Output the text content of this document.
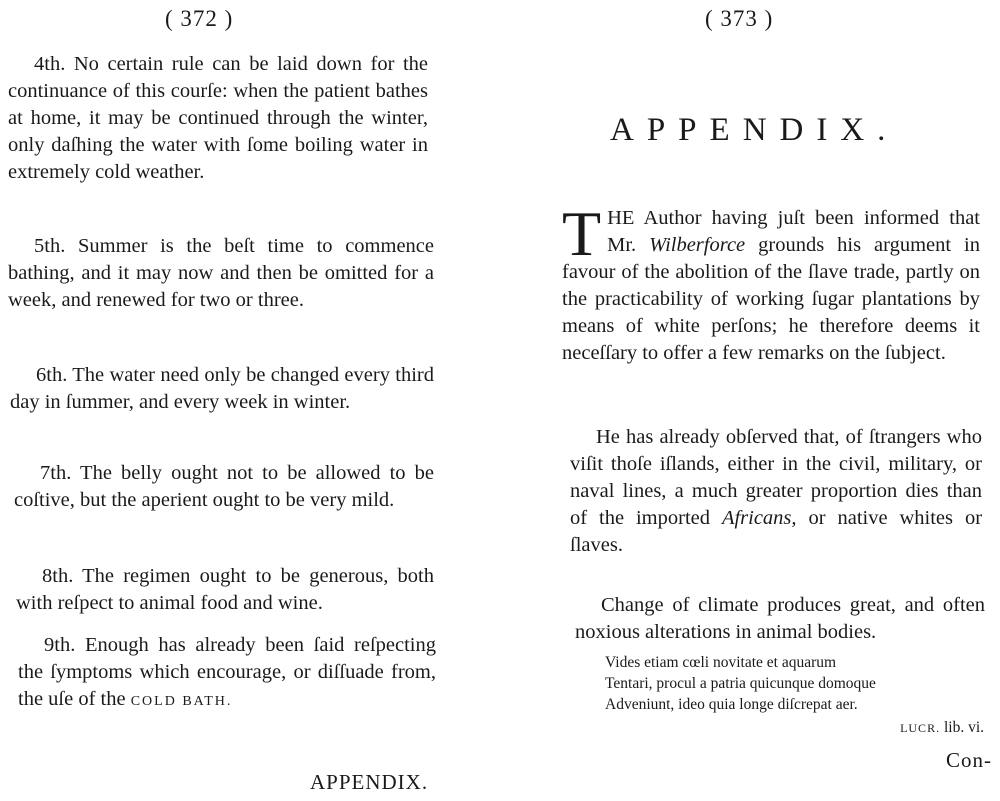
( 372 )
4th. No certain rule can be laid down for the continuance of this courſe: when the patient bathes at home, it may be continued through the winter, only daſhing the water with ſome boiling water in extremely cold weather.
5th. Summer is the beſt time to commence bathing, and it may now and then be omitted for a week, and renewed for two or three.
6th. The water need only be changed every third day in ſummer, and every week in winter.
7th. The belly ought not to be allowed to be coſtive, but the aperient ought to be very mild.
8th. The regimen ought to be generous, both with reſpect to animal food and wine.
9th. Enough has already been ſaid reſpecting the ſymptoms which encourage, or diſſuade from, the uſe of the COLD BATH.
APPENDIX.
( 373 )
APPENDIX.
THE Author having juſt been informed that Mr. Wilberforce grounds his argument in favour of the abolition of the ſlave trade, partly on the practicability of working ſugar plantations by means of white perſons; he therefore deems it neceſſary to offer a few remarks on the ſubject.
He has already obſerved that, of ſtrangers who viſit thoſe iſlands, either in the civil, military, or naval lines, a much greater proportion dies than of the imported Africans, or native whites or ſlaves.
Change of climate produces great, and often noxious alterations in animal bodies.
Vides etiam cœli novitate et aquarum
Tentari, procul a patria quicunque domoque
Adveniunt, ideo quia longe diſcrepat aer.
LUCR. lib. vi.
Con-
